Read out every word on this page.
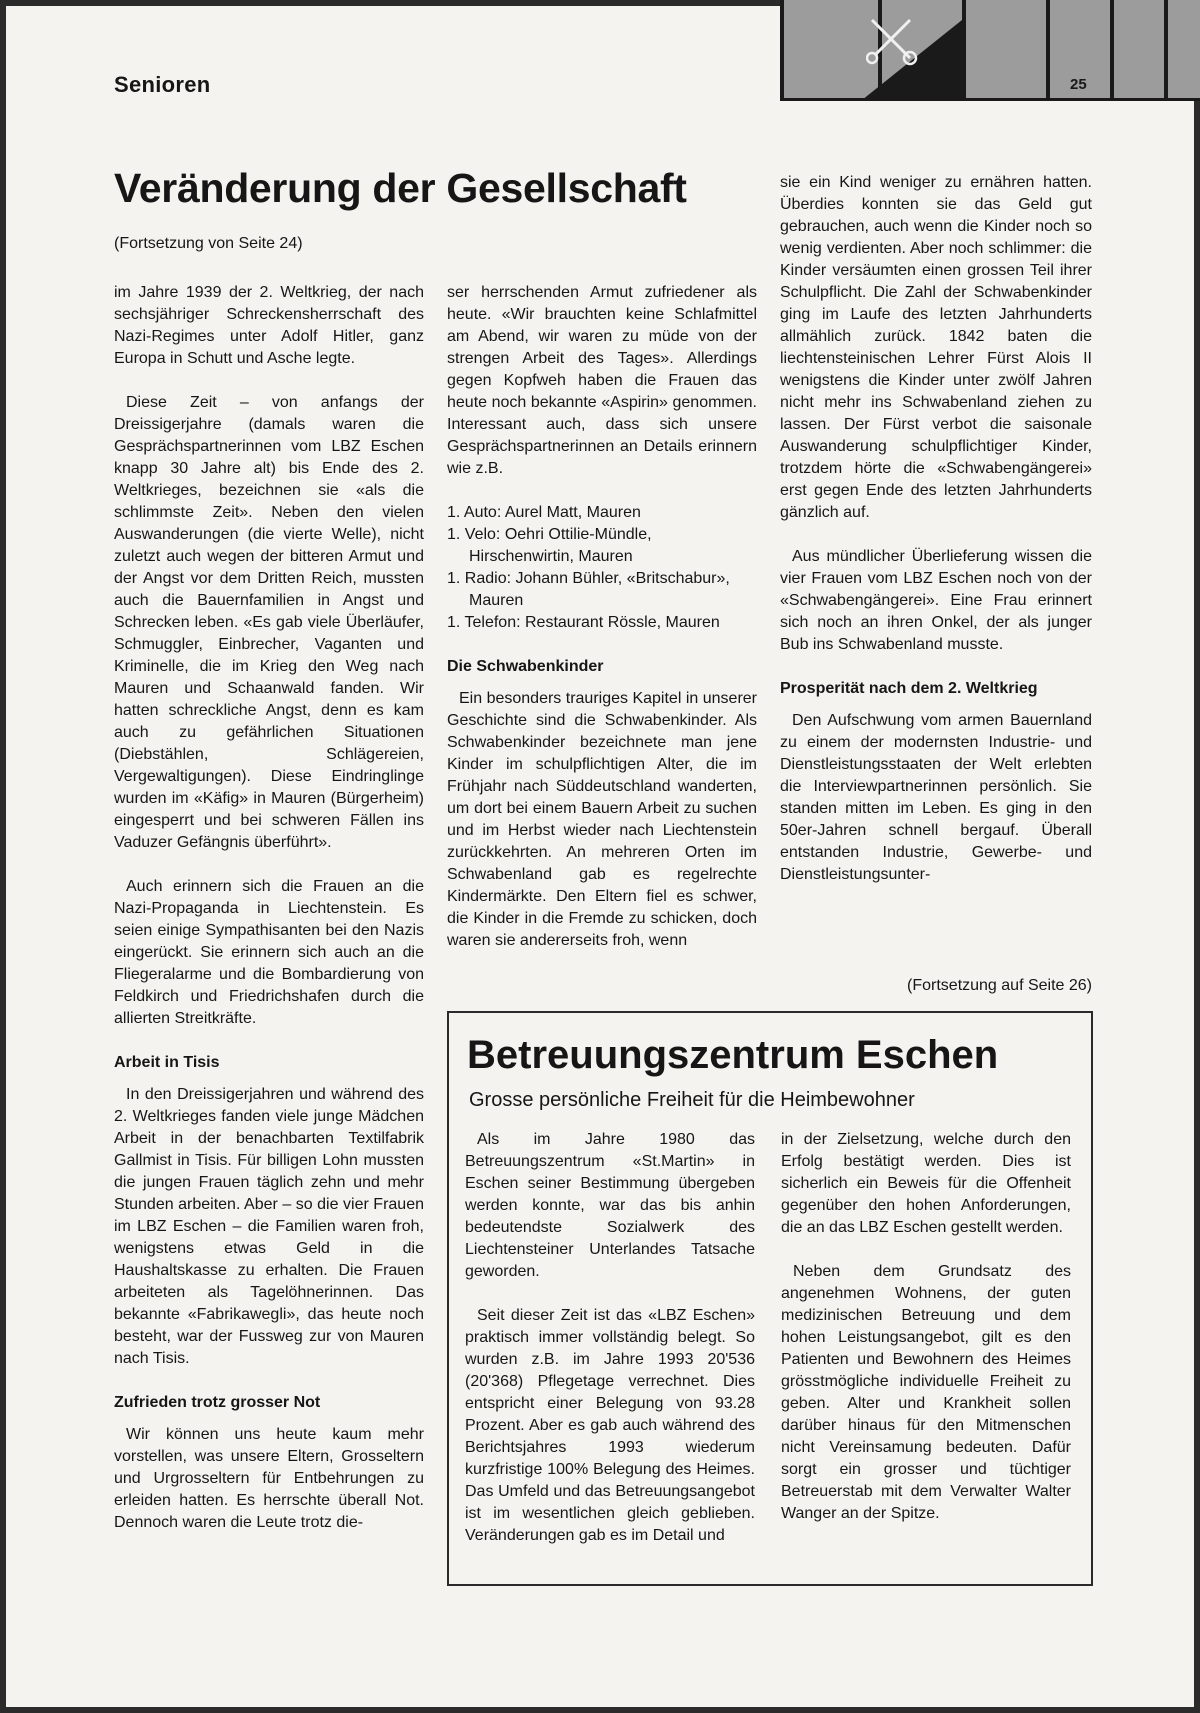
25
Senioren
Veränderung der Gesellschaft
(Fortsetzung von Seite 24)

im Jahre 1939 der 2. Weltkrieg, der nach sechsjähriger Schreckensherrschaft des Nazi-Regimes unter Adolf Hitler, ganz Europa in Schutt und Asche legte.

Diese Zeit – von anfangs der Dreissigerjahre (damals waren die Gesprächspartnerinnen vom LBZ Eschen knapp 30 Jahre alt) bis Ende des 2. Weltkrieges, bezeichnen sie «als die schlimmste Zeit». Neben den vielen Auswanderungen (die vierte Welle), nicht zuletzt auch wegen der bitteren Armut und der Angst vor dem Dritten Reich, mussten auch die Bauernfamilien in Angst und Schrecken leben. «Es gab viele Überläufer, Schmuggler, Einbrecher, Vaganten und Kriminelle, die im Krieg den Weg nach Mauren und Schaanwald fanden. Wir hatten schreckliche Angst, denn es kam auch zu gefährlichen Situationen (Diebstählen, Schlägereien, Vergewaltigungen). Diese Eindringlinge wurden im «Käfig» in Mauren (Bürgerheim) eingesperrt und bei schweren Fällen ins Vaduzer Gefängnis überführt».

Auch erinnern sich die Frauen an die Nazi-Propaganda in Liechtenstein. Es seien einige Sympathisanten bei den Nazis eingerückt. Sie erinnern sich auch an die Fliegeralarme und die Bombardierung von Feldkirch und Friedrichshafen durch die allierten Streitkräfte.

Arbeit in Tisis

In den Dreissigerjahren und während des 2. Weltkrieges fanden viele junge Mädchen Arbeit in der benachbarten Textilfabrik Gallmist in Tisis. Für billigen Lohn mussten die jungen Frauen täglich zehn und mehr Stunden arbeiten. Aber – so die vier Frauen im LBZ Eschen – die Familien waren froh, wenigstens etwas Geld in die Haushaltskasse zu erhalten. Die Frauen arbeiteten als Tagelöhnerinnen. Das bekannte «Fabrikawegli», das heute noch besteht, war der Fussweg zur von Mauren nach Tisis.

Zufrieden trotz grosser Not

Wir können uns heute kaum mehr vorstellen, was unsere Eltern, Grosseltern und Urgrosseltern für Entbehrungen zu erleiden hatten. Es herrschte überall Not. Dennoch waren die Leute trotz die-

ser herrschenden Armut zufriedener als heute. «Wir brauchten keine Schlafmittel am Abend, wir waren zu müde von der strengen Arbeit des Tages». Allerdings gegen Kopfweh haben die Frauen das heute noch bekannte «Aspirin» genommen. Interessant auch, dass sich unsere Gesprächspartnerinnen an Details erinnern wie z.B.

1. Auto: Aurel Matt, Mauren
1. Velo: Oehri Ottilie-Mündle, Hirschenwirtin, Mauren
1. Radio: Johann Bühler, «Britschabur», Mauren
1. Telefon: Restaurant Rössle, Mauren
Die Schwabenkinder

Ein besonders trauriges Kapitel in unserer Geschichte sind die Schwabenkinder. Als Schwabenkinder bezeichnete man jene Kinder im schulpflichtigen Alter, die im Frühjahr nach Süddeutschland wanderten, um dort bei einem Bauern Arbeit zu suchen und im Herbst wieder nach Liechtenstein zurückkehrten. An mehreren Orten im Schwabenland gab es regelrechte Kindermärkte. Den Eltern fiel es schwer, die Kinder in die Fremde zu schicken, doch waren sie andererseits froh, wenn

sie ein Kind weniger zu ernähren hatten. Überdies konnten sie das Geld gut gebrauchen, auch wenn die Kinder noch so wenig verdienten. Aber noch schlimmer: die Kinder versäumten einen grossen Teil ihrer Schulpflicht. Die Zahl der Schwabenkinder ging im Laufe des letzten Jahrhunderts allmählich zurück. 1842 baten die liechtensteinischen Lehrer Fürst Alois II wenigstens die Kinder unter zwölf Jahren nicht mehr ins Schwabenland ziehen zu lassen. Der Fürst verbot die saisonale Auswanderung schulpflichtiger Kinder, trotzdem hörte die «Schwabengängerei» erst gegen Ende des letzten Jahrhunderts gänzlich auf.

Aus mündlicher Überlieferung wissen die vier Frauen vom LBZ Eschen noch von der «Schwabengängerei». Eine Frau erinnert sich noch an ihren Onkel, der als junger Bub ins Schwabenland musste.

Prosperität nach dem 2. Weltkrieg

Den Aufschwung vom armen Bauernland zu einem der modernsten Industrie- und Dienstleistungsstaaten der Welt erlebten die Interviewpartnerinnen persönlich. Sie standen mitten im Leben. Es ging in den 50er-Jahren schnell bergauf. Überall entstanden Industrie, Gewerbe- und Dienstleistungsunter-

(Fortsetzung auf Seite 26)
Betreuungszentrum Eschen
Grosse persönliche Freiheit für die Heimbewohner

Als im Jahre 1980 das Betreuungszentrum «St.Martin» in Eschen seiner Bestimmung übergeben werden konnte, war das bis anhin bedeutendste Sozialwerk des Liechtensteiner Unterlandes Tatsache geworden.

Seit dieser Zeit ist das «LBZ Eschen» praktisch immer vollständig belegt. So wurden z.B. im Jahre 1993 20'536 (20'368) Pflegetage verrechnet. Dies entspricht einer Belegung von 93.28 Prozent. Aber es gab auch während des Berichtsjahres 1993 wiederum kurzfristige 100% Belegung des Heimes. Das Umfeld und das Betreuungsangebot ist im wesentlichen gleich geblieben. Veränderungen gab es im Detail und

in der Zielsetzung, welche durch den Erfolg bestätigt werden. Dies ist sicherlich ein Beweis für die Offenheit gegenüber den hohen Anforderungen, die an das LBZ Eschen gestellt werden.

Neben dem Grundsatz des angenehmen Wohnens, der guten medizinischen Betreuung und dem hohen Leistungsangebot, gilt es den Patienten und Bewohnern des Heimes grösstmögliche individuelle Freiheit zu geben. Alter und Krankheit sollen darüber hinaus für den Mitmenschen nicht Vereinsamung bedeuten. Dafür sorgt ein grosser und tüchtiger Betreuerstab mit dem Verwalter Walter Wanger an der Spitze.
